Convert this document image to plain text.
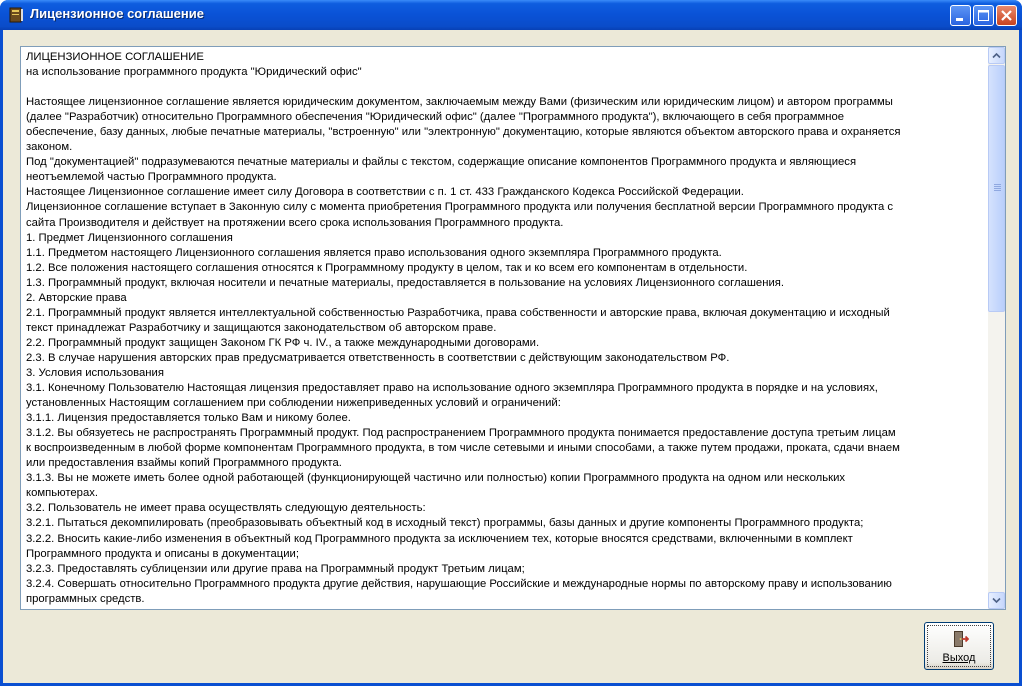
Лицензионное соглашение
ЛИЦЕНЗИОННОЕ СОГЛАШЕНИЕ
на использование программного продукта "Юридический офис"

Настоящее лицензионное соглашение является юридическим документом, заключаемым между Вами (физическим или юридическим лицом) и автором программы
(далее "Разработчик) относительно Программного обеспечения "Юридический офис" (далее "Программного продукта"), включающего в себя программное
обеспечение, базу данных, любые печатные материалы, "встроенную" или "электронную" документацию, которые являются объектом авторского права и охраняется
законом.
Под "документацией" подразумеваются печатные материалы и файлы с текстом, содержащие описание компонентов Программного продукта и являющиеся
неотъемлемой частью Программного продукта.
Настоящее Лицензионное соглашение имеет силу Договора в соответствии с п. 1 ст. 433 Гражданского Кодекса Российской Федерации.
Лицензионное соглашение вступает в Законную силу с момента приобретения Программного продукта или получения бесплатной версии Программного продукта с
сайта Производителя и действует на протяжении всего срока использования Программного продукта.
1. Предмет Лицензионного соглашения
1.1. Предметом настоящего Лицензионного соглашения является право использования одного экземпляра Программного продукта.
1.2. Все положения настоящего соглашения относятся к Программному продукту в целом, так и ко всем его компонентам в отдельности.
1.3. Программный продукт, включая носители и печатные материалы, предоставляется в пользование на условиях Лицензионного соглашения.
2. Авторские права
2.1. Программный продукт является интеллектуальной собственностью Разработчика, права собственности и авторские права, включая документацию и исходный
текст принадлежат Разработчику и защищаются законодательством об авторском праве.
2.2. Программный продукт защищен Законом ГК РФ ч. IV., а также международными договорами.
2.3. В случае нарушения авторских прав предусматривается ответственность в соответствии с действующим законодательством РФ.
3. Условия использования
3.1. Конечному Пользователю Настоящая лицензия предоставляет право на использование одного экземпляра Программного продукта в порядке и на условиях,
установленных Настоящим соглашением при соблюдении нижеприведенных условий и ограничений:
3.1.1. Лицензия предоставляется только Вам и никому более.
3.1.2. Вы обязуетесь не распространять Программный продукт. Под распространением Программного продукта понимается предоставление доступа третьим лицам
к воспроизведенным в любой форме компонентам Программного продукта, в том числе сетевыми и иными способами, а также путем продажи, проката, сдачи внаем
или предоставления взаймы копий Программного продукта.
3.1.3. Вы не можете иметь более одной работающей (функционирующей частично или полностью) копии Программного продукта на одном или нескольких
компьютерах.
3.2. Пользователь не имеет права осуществлять следующую деятельность:
3.2.1. Пытаться декомпилировать (преобразовывать объектный код в исходный текст) программы, базы данных и другие компоненты Программного продукта;
3.2.2. Вносить какие-либо изменения в объектный код Программного продукта за исключением тех, которые вносятся средствами, включенными в комплект
Программного продукта и описаны в документации;
3.2.3. Предоставлять сублицензии или другие права на Программный продукт Третьим лицам;
3.2.4. Совершать относительно Программного продукта другие действия, нарушающие Российские и международные нормы по авторскому праву и использованию
программных средств.
Выход
